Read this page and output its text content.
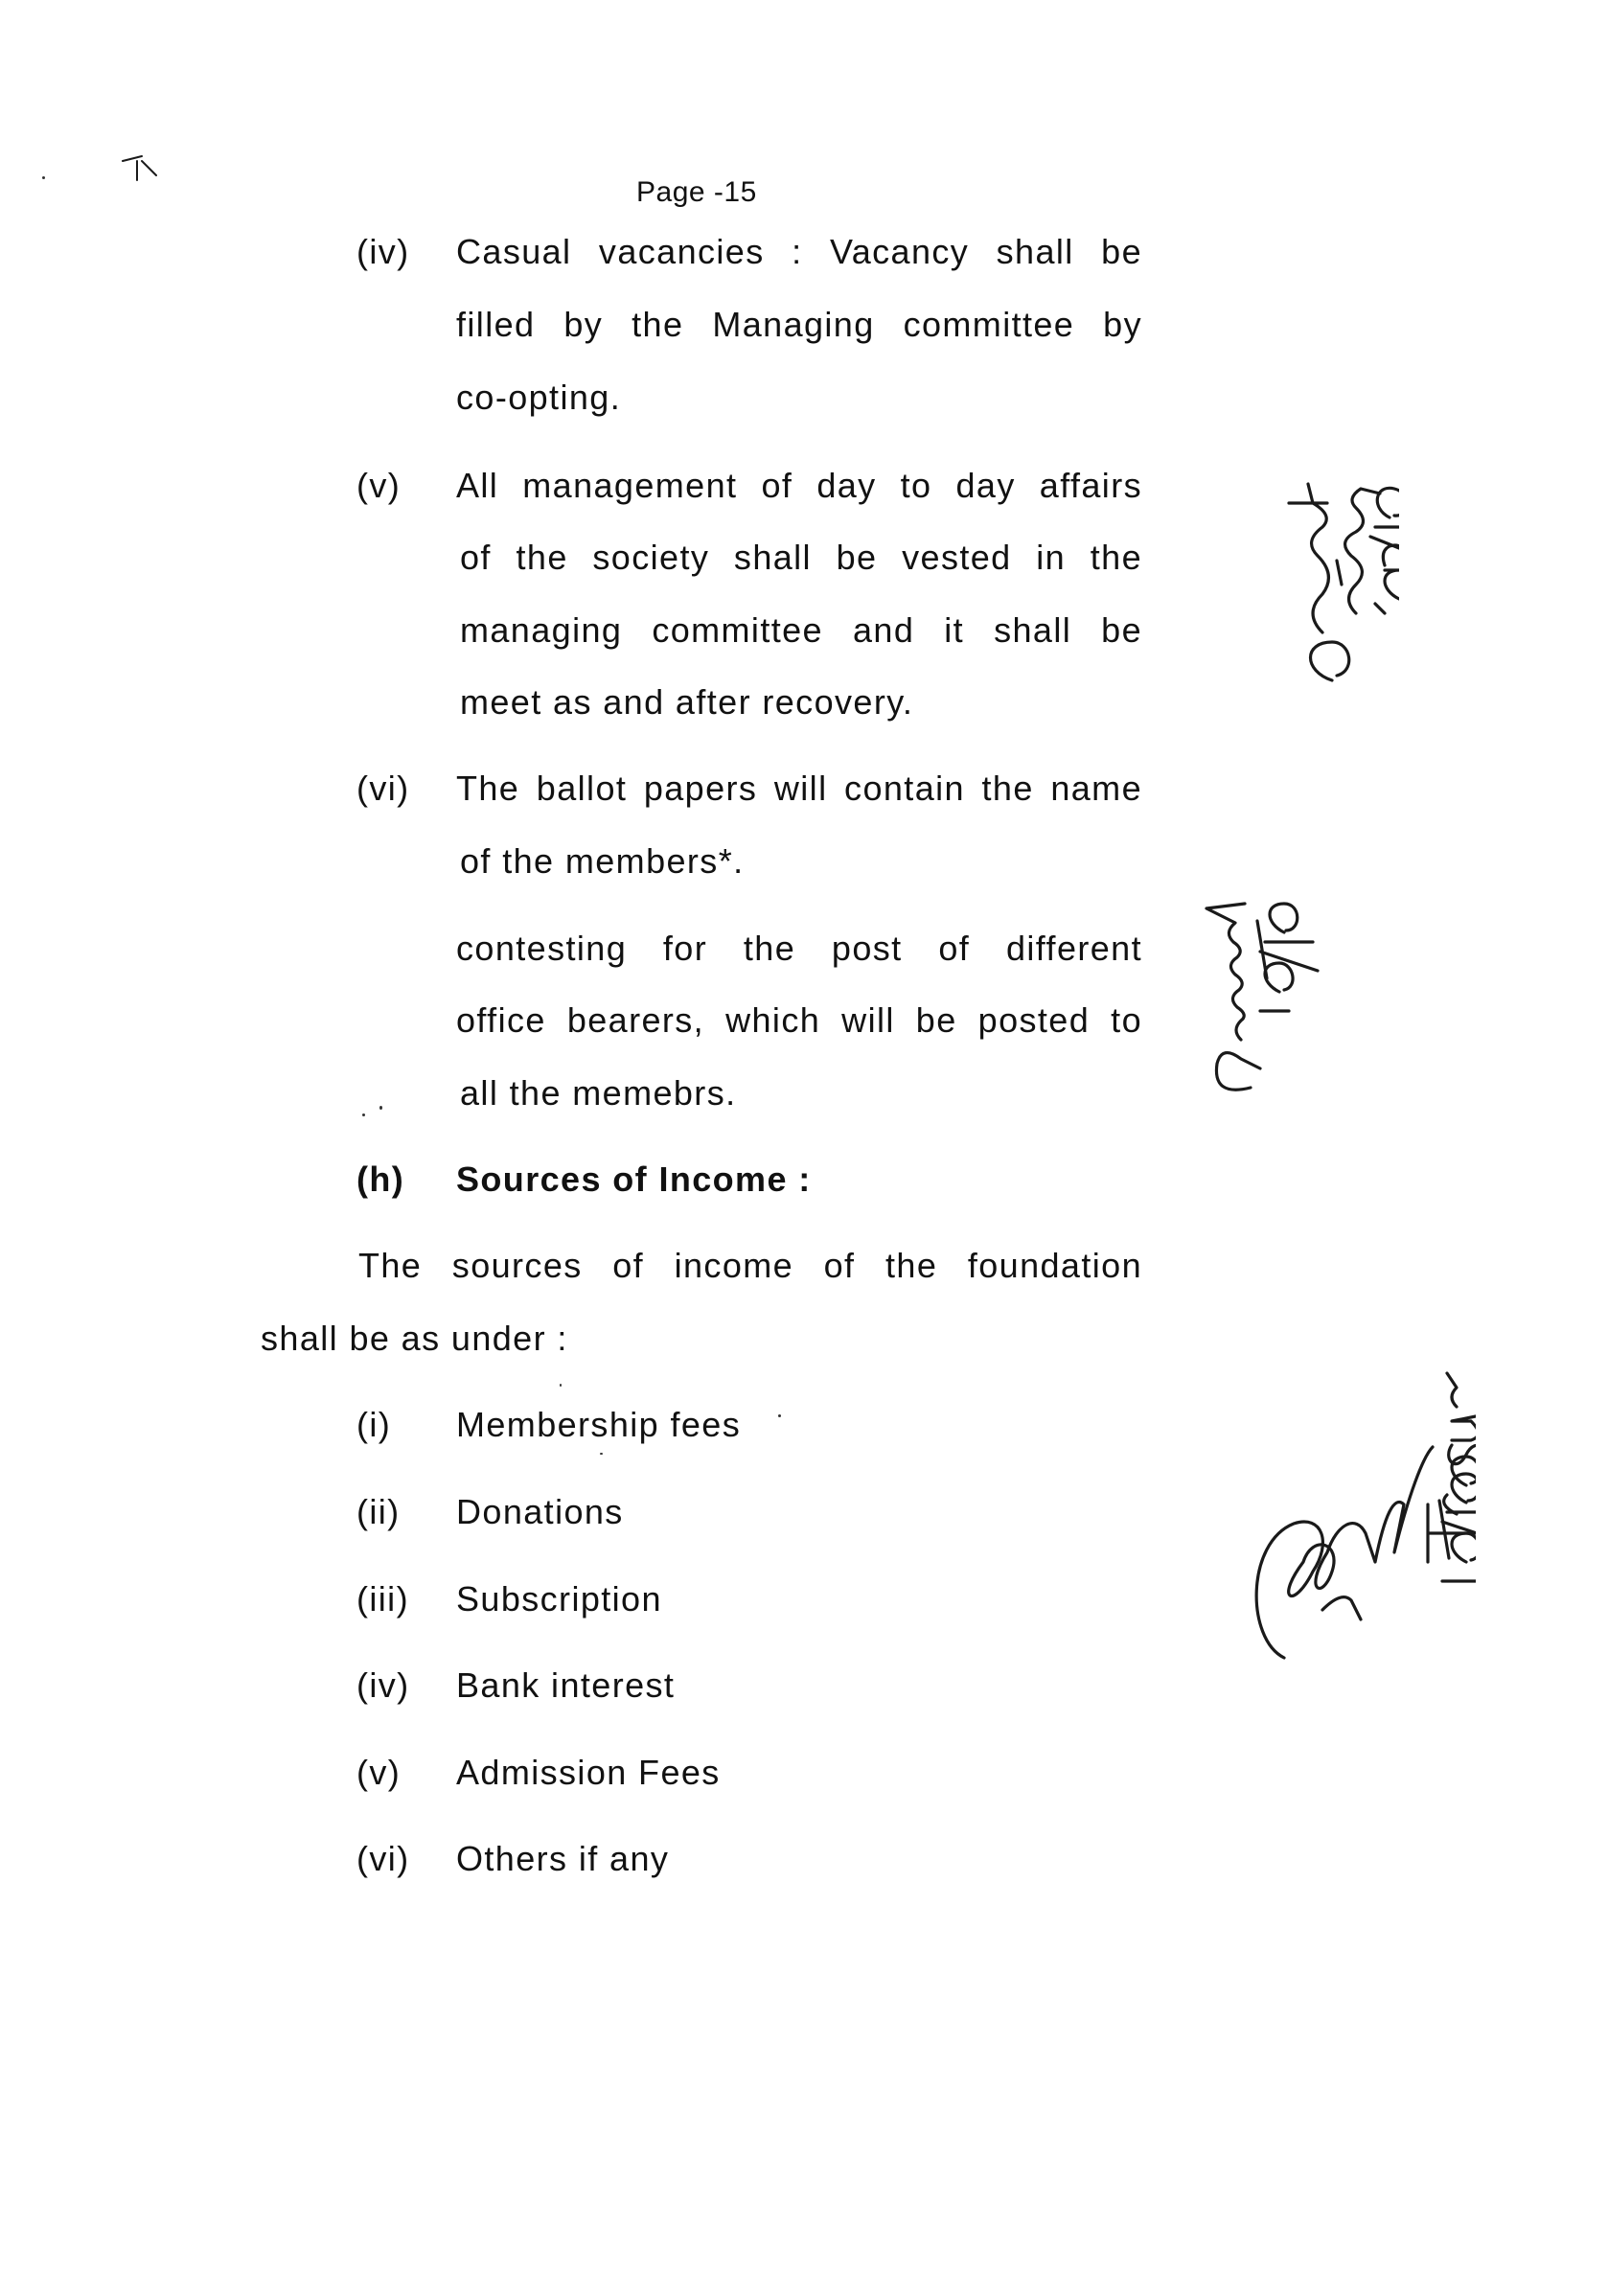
Page -15
(iv) Casual vacancies : Vacancy shall be
filled by the Managing committee by
co-opting.
(v) All management of day to day affairs
of the society shall be vested in the
managing committee and it shall be
meet as and after recovery.
(vi) The ballot papers will contain the name
of the members*.
contesting for the post of different
office bearers, which will be posted to
all the memebrs.
(h) Sources of Income :
The sources of income of the foundation
shall be as under :
(i) Membership fees
(ii) Donations
(iii) Subscription
(iv) Bank interest
(v) Admission Fees
(vi) Others if any
